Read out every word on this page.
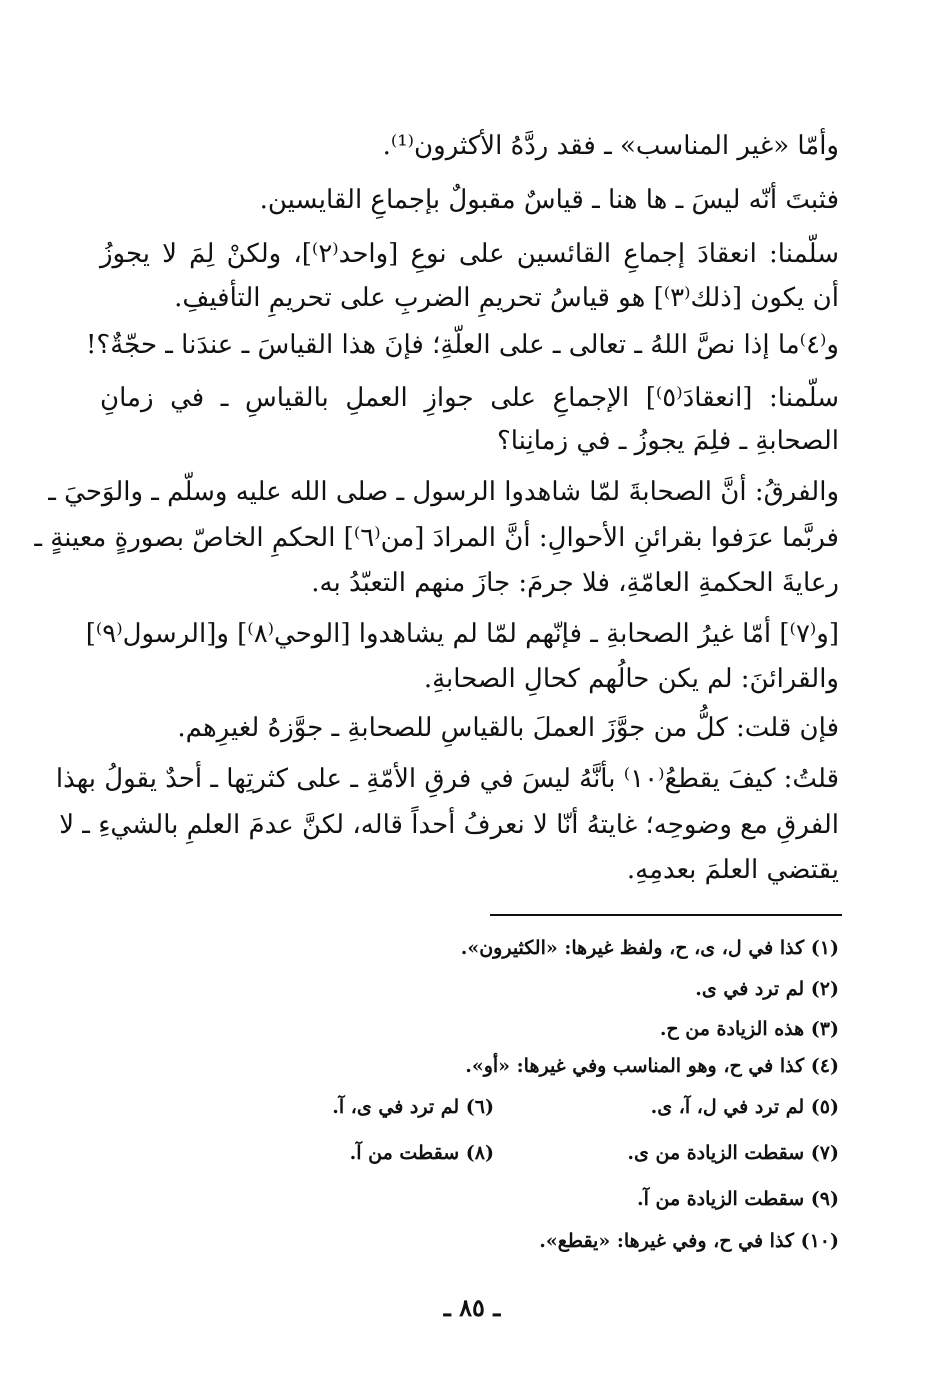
وأمّا «غير المناسب» ـ فقد ردَّهُ الأكثرون⁽¹⁾.
فثبتَ أنّه ليسَ ـ ها هنا ـ قياسٌ مقبولٌ بإجماعِ القايسين.
سلّمنا: انعقادَ إجماعِ القائسين على نوعِ [واحد⁽٢⁾]، ولكنْ لِمَ لا يجوزُ
أن يكون [ذلك⁽٣⁾] هو قياسُ تحريمِ الضربِ على تحريمِ التأفيفِ.
و⁽٤⁾ما إذا نصَّ اللهُ ـ تعالى ـ على العلّةِ؛ فإنَ هذا القياسَ ـ عندَنا ـ حجّةٌ؟!
سلّمنا: [انعقادَ⁽٥⁾] الإجماعِ على جوازِ العملِ بالقياسِ ـ في زمانِ
الصحابةِ ـ فلِمَ يجوزُ ـ في زمانِنا؟
والفرقُ: أنَّ الصحابةَ لمّا شاهدوا الرسول ـ صلى الله عليه وسلّم ـ والوَحيَ ـ
فربَّما عرَفوا بقرائنِ الأحوالِ: أنَّ المرادَ [من⁽٦⁾] الحكمِ الخاصّ بصورةٍ معينةٍ ـ
رعايةَ الحكمةِ العامّةِ، فلا جرمَ: جازَ منهم التعبّدُ به.
[و⁽٧⁾] أمّا غيرُ الصحابةِ ـ فإنّهم لمّا لم يشاهدوا [الوحي⁽٨⁾] و[الرسول⁽٩⁾]
والقرائنَ: لم يكن حالُهم كحالِ الصحابةِ.
فإن قلت: كلُّ من جوَّزَ العملَ بالقياسِ للصحابةِ ـ جوَّزهُ لغيرِهم.
قلتُ: كيفَ يقطعُ⁽١٠⁾ بأنَّهُ ليسَ في فرقِ الأمّةِ ـ على كثرتِها ـ أحدٌ يقولُ بهذا
الفرقِ مع وضوحِه؛ غايتهُ أنّا لا نعرفُ أحداً قاله، لكنَّ عدمَ العلمِ بالشيءِ ـ لا
يقتضي العلمَ بعدمِهِ.
(١) كذا في ل، ى، ح، ولفظ غيرها: «الكثيرون».
(٢) لم ترد في ى.
(٣) هذه الزيادة من ح.
(٤) كذا في ح، وهو المناسب وفي غيرها: «أو».
(٥) لم ترد في ل، آ، ى.
(٦) لم ترد في ى، آ.
(٧) سقطت الزيادة من ى.
(٨) سقطت من آ.
(٩) سقطت الزيادة من آ.
(١٠) كذا في ح، وفي غيرها: «يقطع».
ـ ٨٥ ـ
